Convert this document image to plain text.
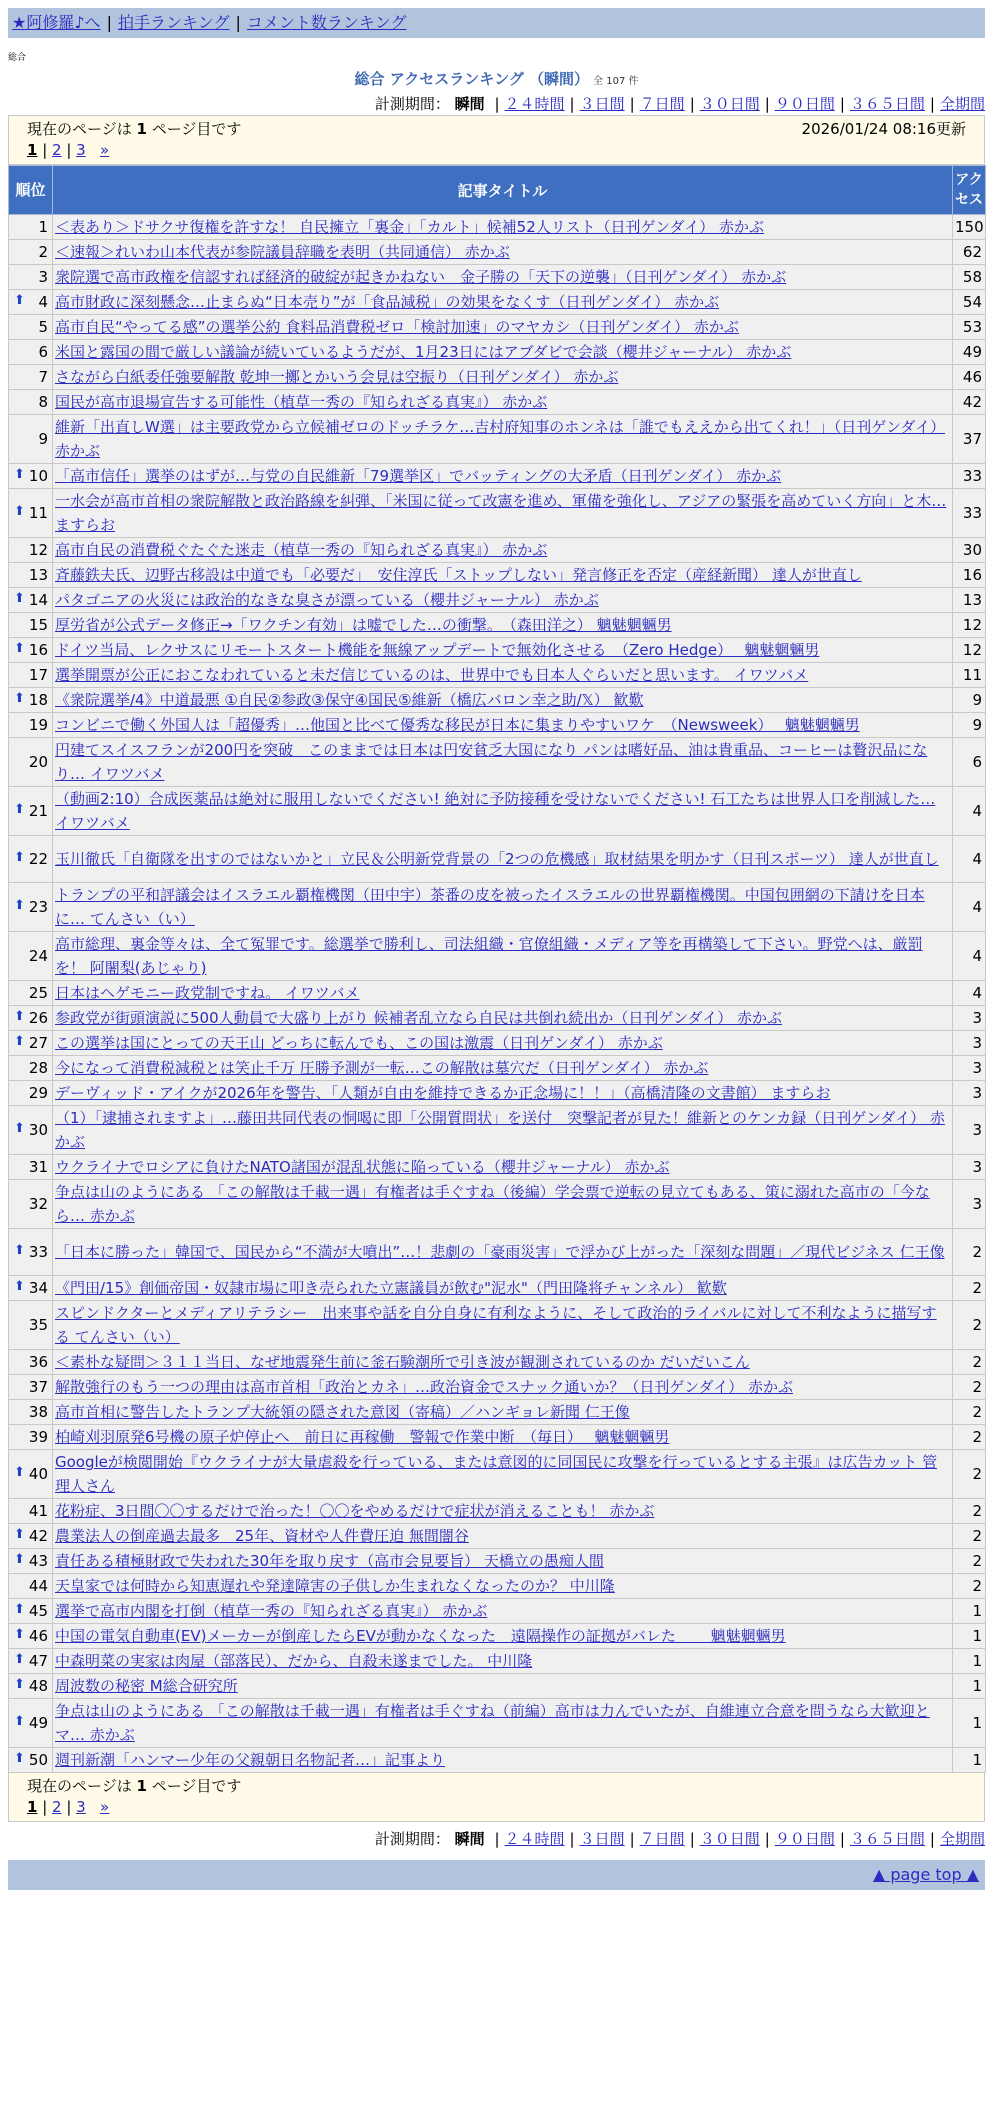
★阿修羅♪へ | 拍手ランキング | コメント数ランキング
総合
総合 アクセスランキング （瞬間） 全 107 件
計測期間： 瞬間 | ２４時間 | ３日間 | ７日間 | ３０日間 | ９０日間 | ３６５日間 | 全期間
現在のページは 1 ページ目です	2026/01/24 08:16更新
1 | 2 | 3 »
順位	記事タイトル	アクセス
1	＜表あり＞ドサクサ復権を許すな！ 自民擁立「裏金」「カルト」候補52人リスト（日刊ゲンダイ） 赤かぶ	150
2	＜速報＞れいわ山本代表が参院議員辞職を表明（共同通信） 赤かぶ	62
3	衆院選で高市政権を信認すれば経済的破綻が起きかねない　金子勝の「天下の逆襲」（日刊ゲンダイ） 赤かぶ	58

⬆ 4	高市財政に深刻懸念…止まらぬ“日本売り”が「食品減税」の効果をなくす（日刊ゲンダイ） 赤かぶ	54
5	高市自民“やってる感”の選挙公約 食料品消費税ゼロ「検討加速」のマヤカシ（日刊ゲンダイ） 赤かぶ	53
6	米国と露国の間で厳しい議論が続いているようだが、1月23日にはアブダビで会談（櫻井ジャーナル） 赤かぶ	49
7	さながら白紙委任強要解散 乾坤一擲とかいう会見は空振り（日刊ゲンダイ） 赤かぶ	46
8	国民が高市退場宣告する可能性（植草一秀の『知られざる真実』） 赤かぶ	42
9	維新「出直しW選」は主要政党から立候補ゼロのドッチラケ…吉村府知事のホンネは「誰でもええから出てくれ！」（日刊ゲンダイ） 赤かぶ	37

⬆ 10	「高市信任」選挙のはずが…与党の自民維新「79選挙区」でバッティングの大矛盾（日刊ゲンダイ） 赤かぶ	33

⬆ 11	一水会が高市首相の衆院解散と政治路線を糾弾、「米国に従って改憲を進め、軍備を強化し、アジアの緊張を高めていく方向」と木… ますらお	33
12	高市自民の消費税ぐたぐた迷走（植草一秀の『知られざる真実』） 赤かぶ	30
13	斉藤鉄夫氏、辺野古移設は中道でも「必要だ」　安住淳氏「ストップしない」発言修正を否定（産経新聞） 達人が世直し	16

⬆ 14	パタゴニアの火災には政治的なきな臭さが漂っている（櫻井ジャーナル） 赤かぶ	13
15	厚労省が公式データ修正→「ワクチン有効」は嘘でした…の衝撃。　（森田洋之） 魑魅魍魎男	12

⬆ 16	ドイツ当局、レクサスにリモートスタート機能を無線アップデートで無効化させる　（Zero Hedge）　 魑魅魍魎男	12
17	選挙開票が公正におこなわれていると未だ信じているのは、世界中でも日本人ぐらいだと思います。 イワツバメ	11

⬆ 18	《衆院選挙/4》中道最悪 ①自民②参政③保守④国民⑤維新（橋広バロン幸之助/𝕏） 歓歎	9
19	コンビニで働く外国人は「超優秀」…他国と比べて優秀な移民が日本に集まりやすいワケ　（Newsweek）　 魑魅魍魎男	9
20	円建てスイスフランが200円を突破　このままでは日本は円安貧乏大国になり パンは嗜好品、油は貴重品、コーヒーは贅沢品になり… イワツバメ	6

⬆ 21	（動画2:10）合成医薬品は絶対に服用しないでください! 絶対に予防接種を受けないでください! 石工たちは世界人口を削減した… イワツバメ	4

⬆ 22	玉川徹氏「自衛隊を出すのではないかと」立民＆公明新党背景の「2つの危機感」取材結果を明かす（日刊スポーツ） 達人が世直し	4

⬆ 23	トランプの平和評議会はイスラエル覇権機関（田中宇）茶番の皮を被ったイスラエルの世界覇権機関。中国包囲網の下請けを日本に… てんさい（い）	4
24	高市総理、裏金等々は、全て冤罪です。総選挙で勝利し、司法組織・官僚組織・メディア等を再構築して下さい。野党へは、厳罰を！ 阿闍梨(あじゃり)	4
25	日本はヘゲモニー政党制ですね。 イワツバメ	4

⬆ 26	参政党が街頭演説に500人動員で大盛り上がり 候補者乱立なら自民は共倒れ続出か（日刊ゲンダイ） 赤かぶ	3

⬆ 27	この選挙は国にとっての天王山 どっちに転んでも、この国は激震（日刊ゲンダイ） 赤かぶ	3
28	今になって消費税減税とは笑止千万 圧勝予測が一転…この解散は墓穴だ（日刊ゲンダイ） 赤かぶ	3
29	デーヴィッド・アイクが2026年を警告、「人類が自由を維持できるか正念場に！！」（高橋清隆の文書館） ますらお	3

⬆ 30	（1）「逮捕されますよ」…藤田共同代表の恫喝に即「公開質問状」を送付　突撃記者が見た！維新とのケンカ録（日刊ゲンダイ） 赤かぶ	3
31	ウクライナでロシアに負けたNATO諸国が混乱状態に陥っている（櫻井ジャーナル） 赤かぶ	3
32	争点は山のようにある 「この解散は千載一遇」有権者は手ぐすね（後編）学会票で逆転の見立てもある、策に溺れた高市の「今なら… 赤かぶ	3

⬆ 33	「日本に勝った」韓国で、国民から“不満が大噴出”…！悲劇の「豪雨災害」で浮かび上がった「深刻な問題」／現代ビジネス 仁王像	2

⬆ 34	《門田/15》創価帝国・奴隷市場に叩き売られた立憲議員が飲む"泥水"（門田隆将チャンネル） 歓歎	2
35	スピンドクターとメディアリテラシー　出来事や話を自分自身に有利なように、そして政治的ライバルに対して不利なように描写する てんさい（い）	2
36	＜素朴な疑問＞３１１当日、なぜ地震発生前に釜石験潮所で引き波が観測されているのか だいだいこん	2
37	解散強行のもう一つの理由は高市首相「政治とカネ」…政治資金でスナック通いか？（日刊ゲンダイ） 赤かぶ	2
38	高市首相に警告したトランプ大統領の隠された意図（寄稿）／ハンギョレ新聞 仁王像	2
39	柏崎刈羽原発6号機の原子炉停止へ　前日に再稼働　警報で作業中断　（毎日）　 魑魅魍魎男	2

⬆ 40	Googleが検閲開始『ウクライナが大量虐殺を行っている、または意図的に同国民に攻撃を行っているとする主張』は広告カット 管理人さん	2
41	花粉症、3日間〇〇するだけで治った！〇〇をやめるだけで症状が消えることも！ 赤かぶ	2

⬆ 42	農業法人の倒産過去最多　25年、資材や人件費圧迫 無間闇谷	2

⬆ 43	責任ある積極財政で失われた30年を取り戻す（高市会見要旨） 天橋立の愚痴人間	2
44	天皇家では何時から知恵遅れや発達障害の子供しか生まれなくなったのか？ 中川隆	2

⬆ 45	選挙で高市内閣を打倒（植草一秀の『知られざる真実』） 赤かぶ	1

⬆ 46	中国の電気自動車(EV)メーカーが倒産したらEVが動かなくなった　遠隔操作の証拠がバレた　　 魑魅魍魎男	1

⬆ 47	中森明菜の実家は肉屋（部落民）、だから、自殺未遂までした。 中川隆	1

⬆ 48	周波数の秘密 M総合研究所	1

⬆ 49	争点は山のようにある 「この解散は千載一遇」有権者は手ぐすね（前編）高市は力んでいたが、自維連立合意を問うなら大歓迎とマ… 赤かぶ	1

⬆ 50	週刊新潮「ハンマー少年の父親朝日名物記者…」記事より	1
現在のページは 1 ページ目です
1 | 2 | 3 »
計測期間： 瞬間 | ２４時間 | ３日間 | ７日間 | ３０日間 | ９０日間 | ３６５日間 | 全期間
▲ page top ▲
